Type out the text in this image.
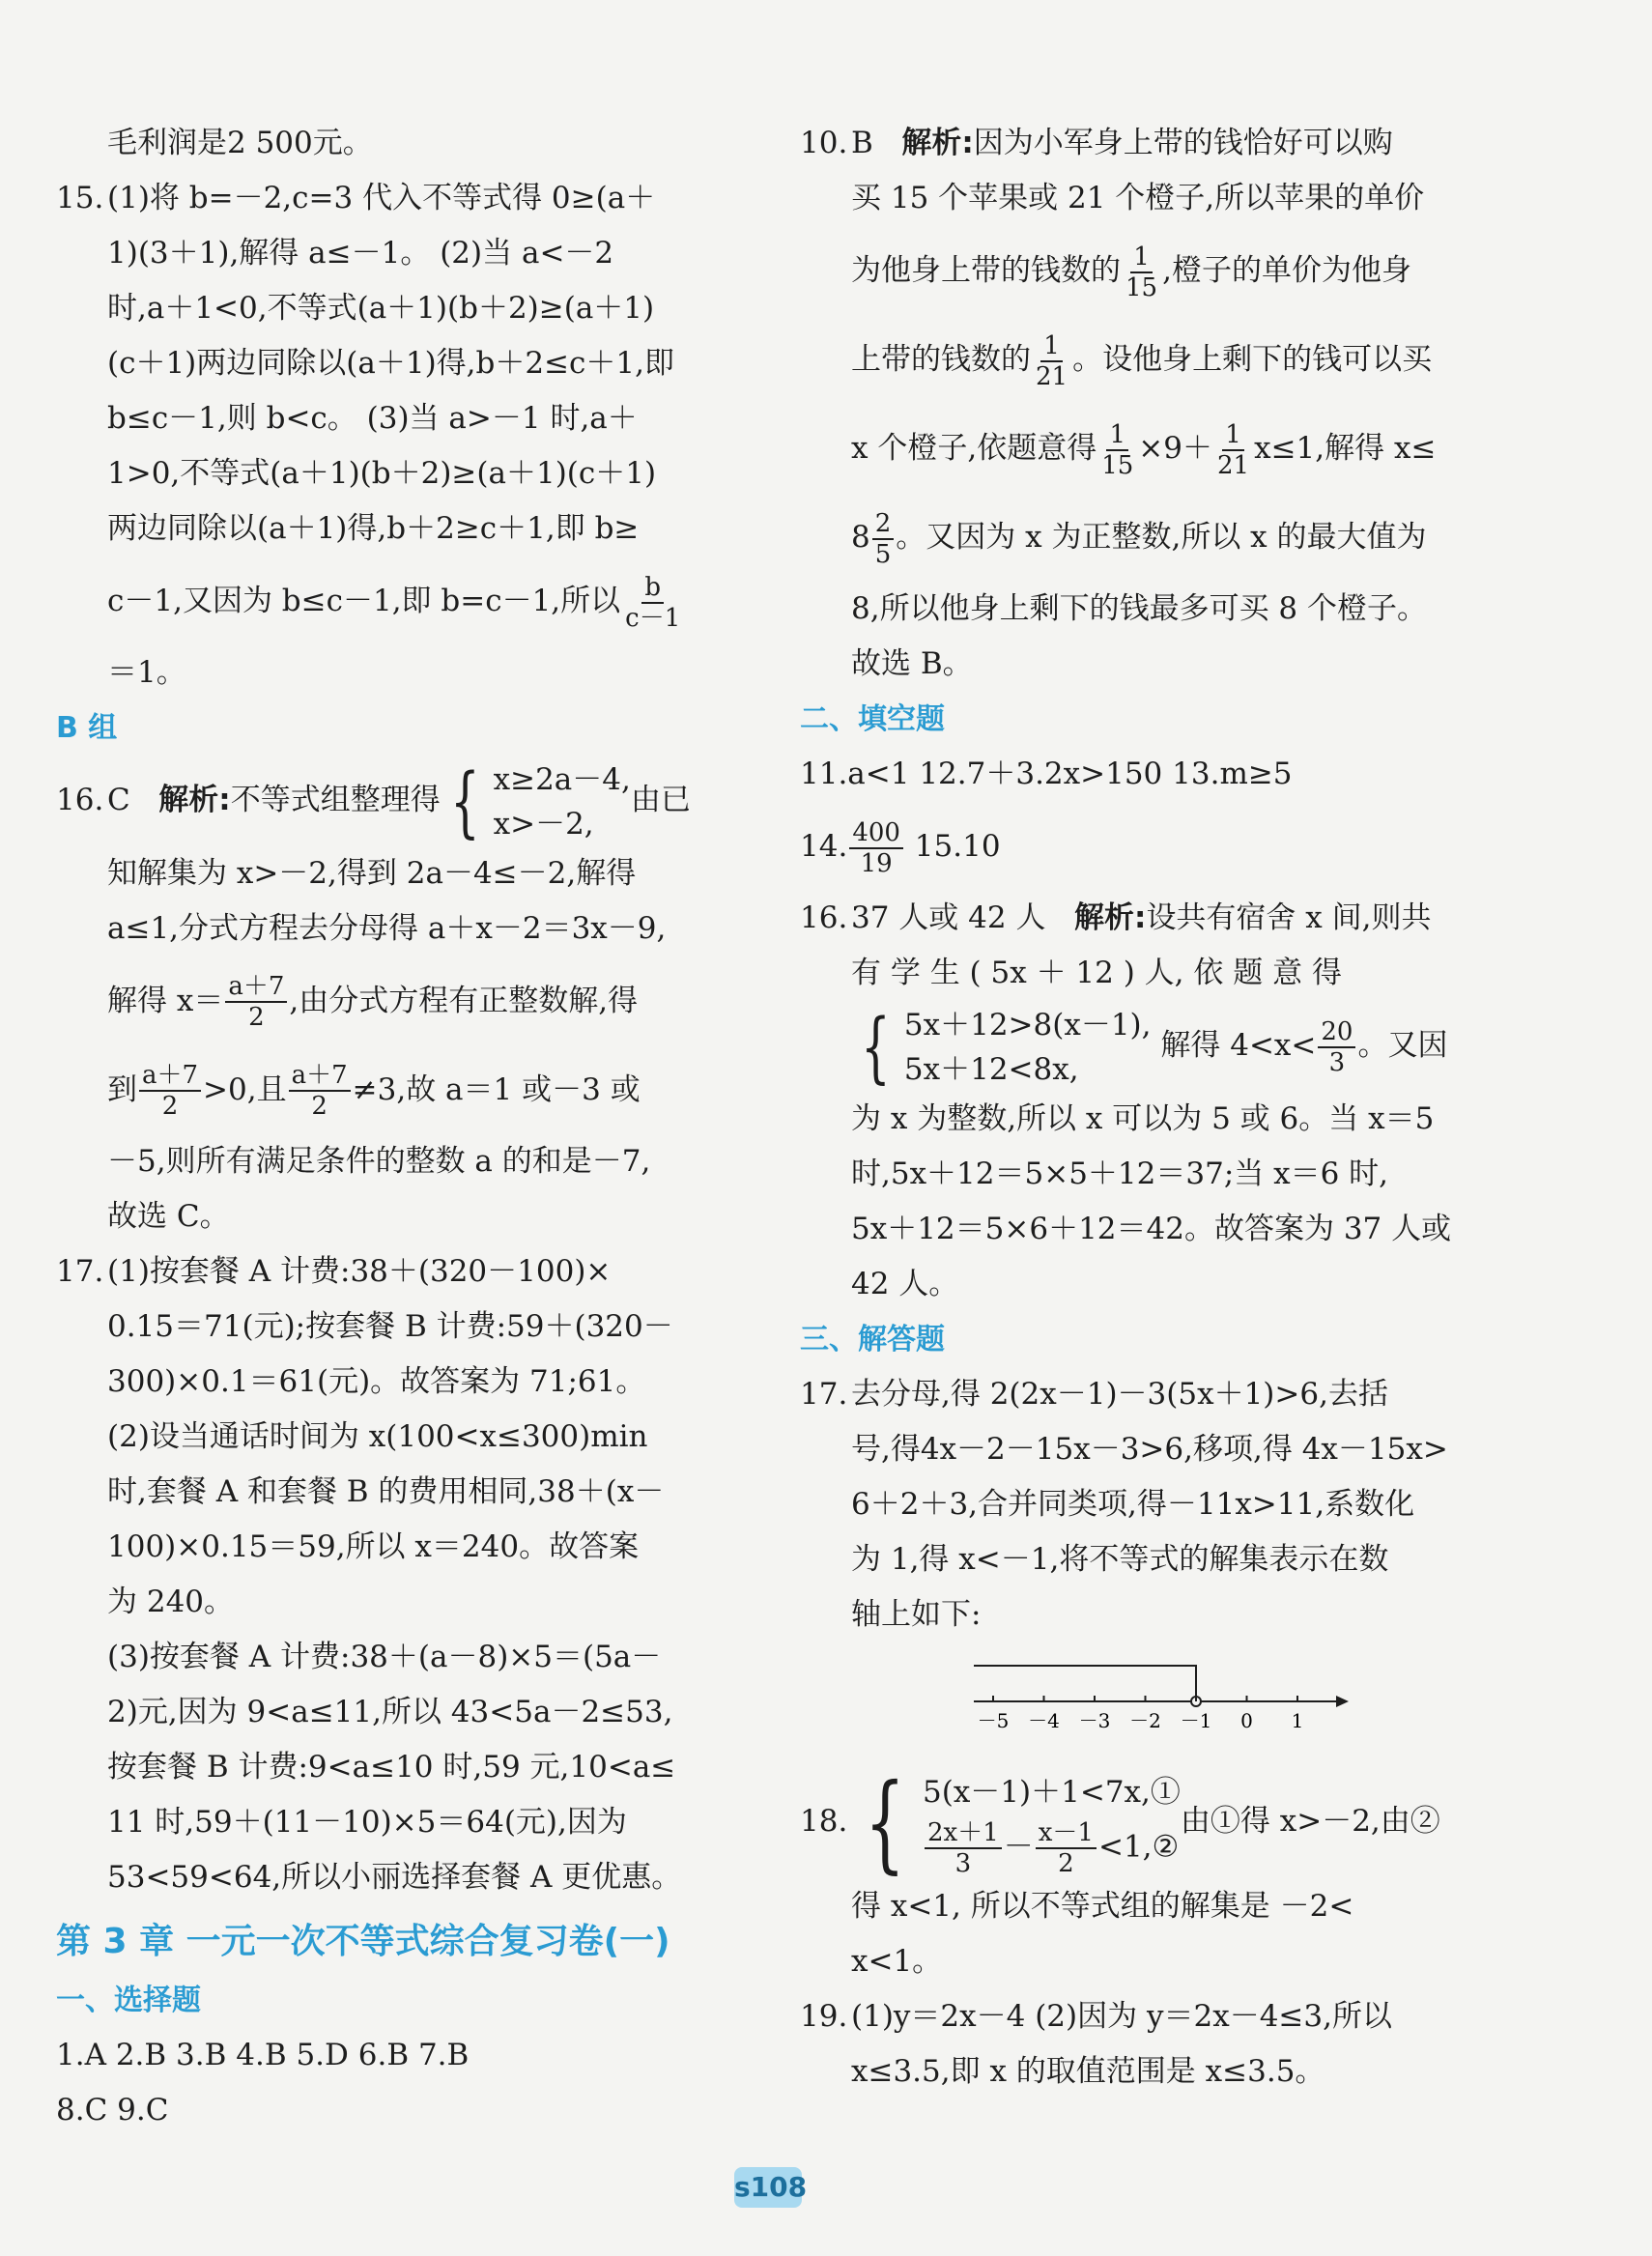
毛利润是2 500元。

15. (1)将 b=－2,c=3 代入不等式得 0≥(a＋

1)(3＋1),解得 a≤－1。 (2)当 a<－2

时,a＋1<0,不等式(a＋1)(b＋2)≥(a＋1)

(c＋1)两边同除以(a＋1)得,b＋2≤c＋1,即

b≤c－1,则 b<c。 (3)当 a>－1 时,a＋

1>0,不等式(a＋1)(b＋2)≥(a＋1)(c＋1)

两边同除以(a＋1)得,b＋2≥c＋1,即 b≥

c－1,又因为 b≤c－1,即 b=c－1,所以 $\frac{b}{c-1}$

＝1。

B 组

16. C 解析:不等式组整理得 { x≥2a－4,
x>－2,
由已

知解集为 x>－2,得到 2a－4≤－2,解得

a≤1,分式方程去分母得 a＋x－2＝3x－9,

解得 $x= \frac{a+7}{2}$ ,由分式方程有正整数解,得

到 $\frac{a+7}{2} >0$,且 $\frac{a+7}{2} \ne 3$,故 a＝1 或－3 或

－5,则所有满足条件的整数 a 的和是－7,

故选 C。

17. (1)按套餐 A 计费:38＋(320－100)×

0.15＝71(元);按套餐 B 计费:59＋(320－

300)×0.1＝61(元)。故答案为 71;61。

(2)设当通话时间为 x(100<x≤300)min

时,套餐 A 和套餐 B 的费用相同,38＋(x－

100)×0.15＝59,所以 x＝240。故答案

为 240。

(3)按套餐 A 计费:38＋(a－8)×5＝(5a－

2)元,因为 9<a≤11,所以 43<5a－2≤53,

按套餐 B 计费:9<a≤10 时,59 元,10<a≤

11 时,59＋(11－10)×5＝64(元),因为

53<59<64,所以小丽选择套餐 A 更优惠。

第 3 章 一元一次不等式综合复习卷(一)

一、选择题

1.A 2.B 3.B 4.B 5.D 6.B 7.B

8.C 9.C

10. B 解析:因为小军身上带的钱恰好可以购

买 15 个苹果或 21 个橙子,所以苹果的单价

为他身上带的钱数的 $\frac{1}{15}$ ,橙子的单价为他身

上带的钱数的 $\frac{1}{21}$ 。设他身上剩下的钱可以买

x 个橙子,依题意得 $\frac{1}{15} \times 9+ \frac{1}{21} x\le 1$,解得 x≤

$8 \frac{2}{5}$ 。又因为 x 为正整数,所以 x 的最大值为

8,所以他身上剩下的钱最多可买 8 个橙子。

故选 B。

二、填空题

11.a<1 12.7＋3.2x>150 13.m≥5

14. $\frac{400}{19} 15.10$

16. 37 人或 42 人 解析:设共有宿舍 x 间,则共

有 学 生 ( 5x ＋ 12 ) 人, 依 题 意 得

{ 5x＋12>8(x－1),
5x＋12<8x,
解得 $4<x< \frac{20}{3}$ 。又因

为 x 为整数,所以 x 可以为 5 或 6。当 x＝5

时,5x＋12＝5×5＋12＝37;当 x＝6 时,

5x＋12＝5×6＋12＝42。故答案为 37 人或

42 人。

三、解答题

17. 去分母,得 2(2x－1)－3(5x＋1)>6,去括

号,得4x－2－15x－3>6,移项,得 4x－15x>

6＋2＋3,合并同类项,得－11x>11,系数化

为 1,得 x<－1,将不等式的解集表示在数

轴上如下:

－5 －4 －3 －2 －1 0 1

18. { 5(x－1)＋1<7x,①
$\frac{2x+1}{3} - \frac{x-1}{2}$ <1,②
由①得 x>－2,由②

得 x<1, 所以不等式组的解集是 －2<

x<1。

19. (1)y＝2x－4 (2)因为 y＝2x－4≤3,所以

x≤3.5,即 x 的取值范围是 x≤3.5。

s108
